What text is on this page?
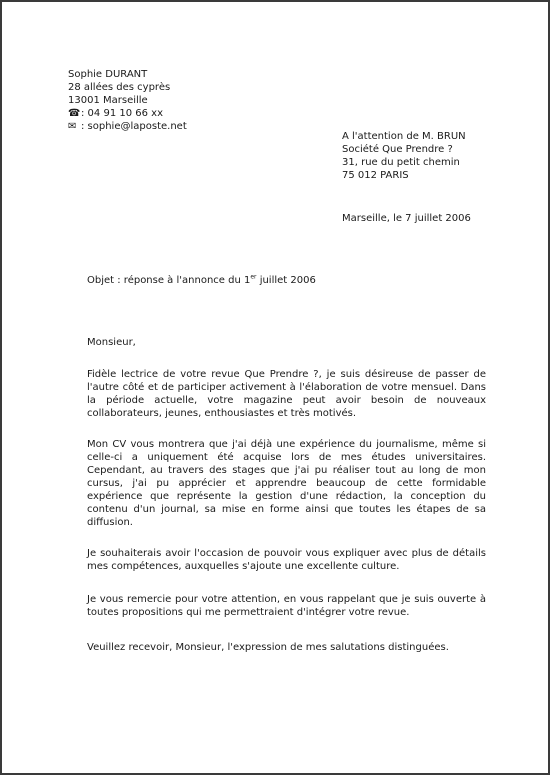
Sophie DURANT
28 allées des cyprès
13001 Marseille
☎: 04 91 10 66 xx
✉ : sophie@laposte.net
A l'attention de M. BRUN
Société Que Prendre ?
31, rue du petit chemin
75 012 PARIS
Marseille, le 7 juillet 2006
Objet : réponse à l'annonce du 1er juillet 2006
Monsieur,
Fidèle lectrice de votre revue Que Prendre ?, je suis désireuse de passer de l'autre côté et de participer activement à l'élaboration de votre mensuel. Dans la période actuelle, votre magazine peut avoir besoin de nouveaux collaborateurs, jeunes, enthousiastes et très motivés.
Mon CV vous montrera que j'ai déjà une expérience du journalisme, même si celle-ci a uniquement été acquise lors de mes études universitaires. Cependant, au travers des stages que j'ai pu réaliser tout au long de mon cursus, j'ai pu apprécier et apprendre beaucoup de cette formidable expérience que représente la gestion d'une rédaction, la conception du contenu d'un journal, sa mise en forme ainsi que toutes les étapes de sa diffusion.
Je souhaiterais avoir l'occasion de pouvoir vous expliquer avec plus de détails mes compétences, auxquelles s'ajoute une excellente culture.
Je vous remercie pour votre attention, en vous rappelant que je suis ouverte à toutes propositions qui me permettraient d'intégrer votre revue.
Veuillez recevoir, Monsieur, l'expression de mes salutations distinguées.
